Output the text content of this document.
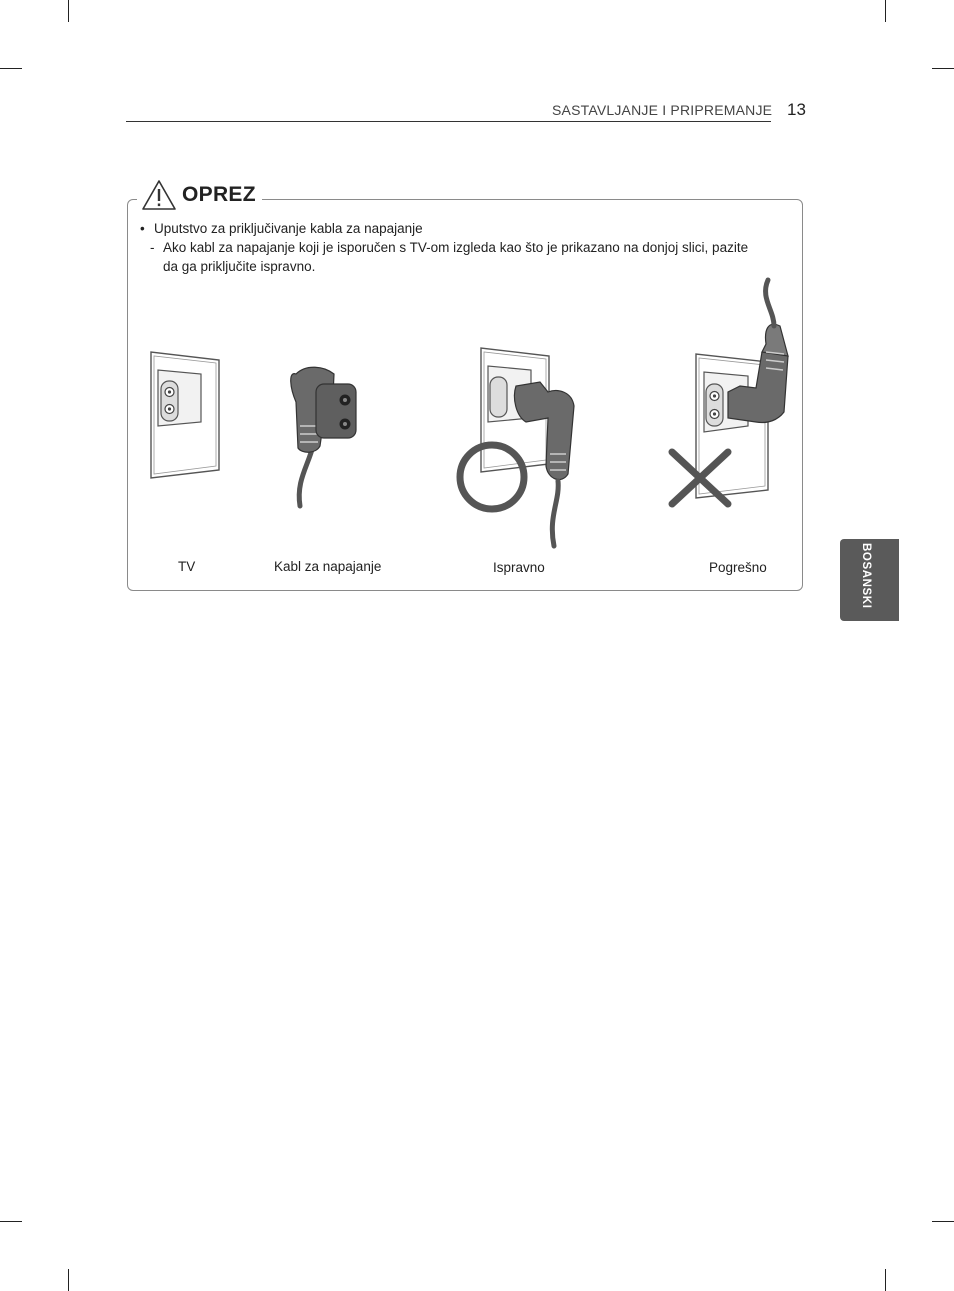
SASTAVLJANJE I PRIPREMANJE 13
BOSANSKI
OPREZ
• Uputstvo za priključivanje kabla za napajanje
- Ako kabl za napajanje koji je isporučen s TV-om izgleda kao što je prikazano na donjoj slici, pazite
da ga priključite ispravno.
TV	Kabl za napajanje	Ispravno	Pogrešno
